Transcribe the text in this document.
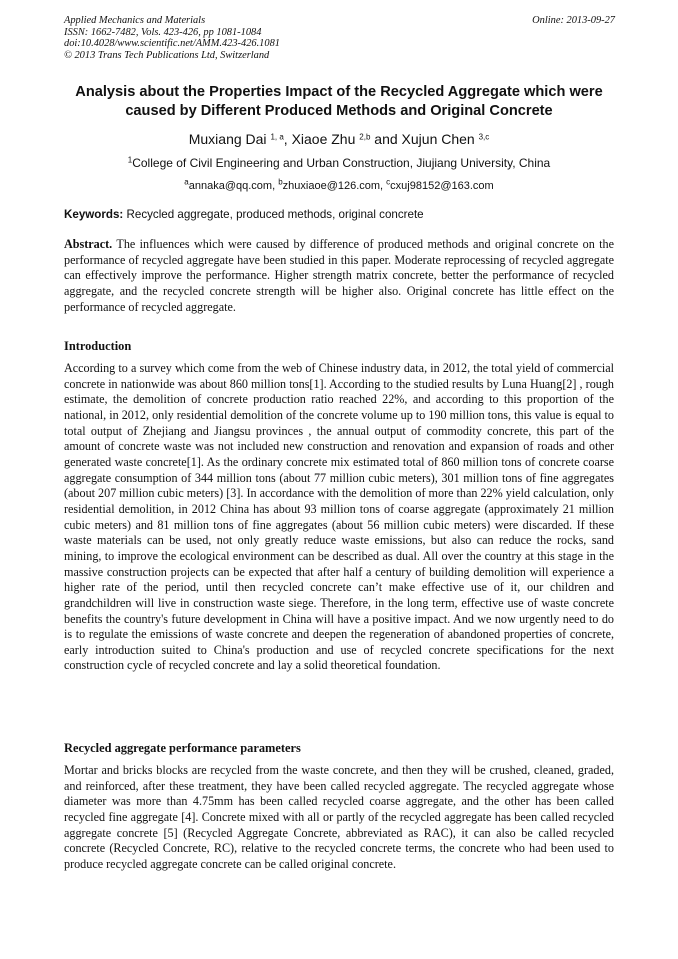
Applied Mechanics and Materials
ISSN: 1662-7482, Vols. 423-426, pp 1081-1084
doi:10.4028/www.scientific.net/AMM.423-426.1081
© 2013 Trans Tech Publications Ltd, Switzerland
Online: 2013-09-27
Analysis about the Properties Impact of the Recycled Aggregate which were caused by Different Produced Methods and Original Concrete
Muxiang Dai $^{1, a}$, Xiaoe Zhu $^{2,b}$ and Xujun Chen $^{3,c}$
$^1$College of Civil Engineering and Urban Construction, Jiujiang University, China
$^a$annaka@qq.com, $^b$zhuxiaoe@126.com, $^c$cxuj98152@163.com
Keywords: Recycled aggregate, produced methods, original concrete

Abstract. The influences which were caused by difference of produced methods and original concrete on the performance of recycled aggregate have been studied in this paper. Moderate reprocessing of recycled aggregate can effectively improve the performance. Higher strength matrix concrete, better the performance of recycled aggregate, and the recycled concrete strength will be higher also. Original concrete has little effect on the performance of recycled aggregate.

Introduction

According to a survey which come from the web of Chinese industry data, in 2012, the total yield of commercial concrete in nationwide was about 860 million tons[1]. According to the studied results by Luna Huang[2] , rough estimate, the demolition of concrete production ratio reached 22%, and according to this proportion of the national, in 2012, only residential demolition of the concrete volume up to 190 million tons, this value is equal to total output of Zhejiang and Jiangsu provinces , the annual output of commodity concrete, this part of the amount of concrete waste was not included new construction and renovation and expansion of roads and other generated waste concrete[1]. As the ordinary concrete mix estimated total of 860 million tons of concrete coarse aggregate consumption of 344 million tons (about 77 million cubic meters), 301 million tons of fine aggregates (about 207 million cubic meters) [3]. In accordance with the demolition of more than 22% yield calculation, only residential demolition, in 2012 China has about 93 million tons of coarse aggregate (approximately 21 million cubic meters) and 81 million tons of fine aggregates (about 56 million cubic meters) were discarded. If these waste materials can be used, not only greatly reduce waste emissions, but also can reduce the rocks, sand mining, to improve the ecological environment can be described as dual. All over the country at this stage in the massive construction projects can be expected that after half a century of building demolition will experience a higher rate of the period, until then recycled concrete can’t make effective use of it, our children and grandchildren will live in construction waste siege. Therefore, in the long term, effective use of waste concrete benefits the country's future development in China will have a positive impact. And we now urgently need to do is to regulate the emissions of waste concrete and deepen the regeneration of abandoned properties of concrete, early introduction suited to China's production and use of recycled concrete specifications for the next construction cycle of recycled concrete and lay a solid theoretical foundation.

Recycled aggregate performance parameters

Mortar and bricks blocks are recycled from the waste concrete, and then they will be crushed, cleaned, graded, and reinforced, after these treatment, they have been called recycled aggregate. The recycled aggregate whose diameter was more than 4.75mm has been called recycled coarse aggregate, and the other has been called recycled fine aggregate [4]. Concrete mixed with all or partly of the recycled aggregate has been called recycled aggregate concrete [5] (Recycled Aggregate Concrete, abbreviated as RAC), it can also be called recycled concrete (Recycled Concrete, RC), relative to the recycled concrete terms, the concrete who had been used to produce recycled aggregate concrete can be called original concrete.
